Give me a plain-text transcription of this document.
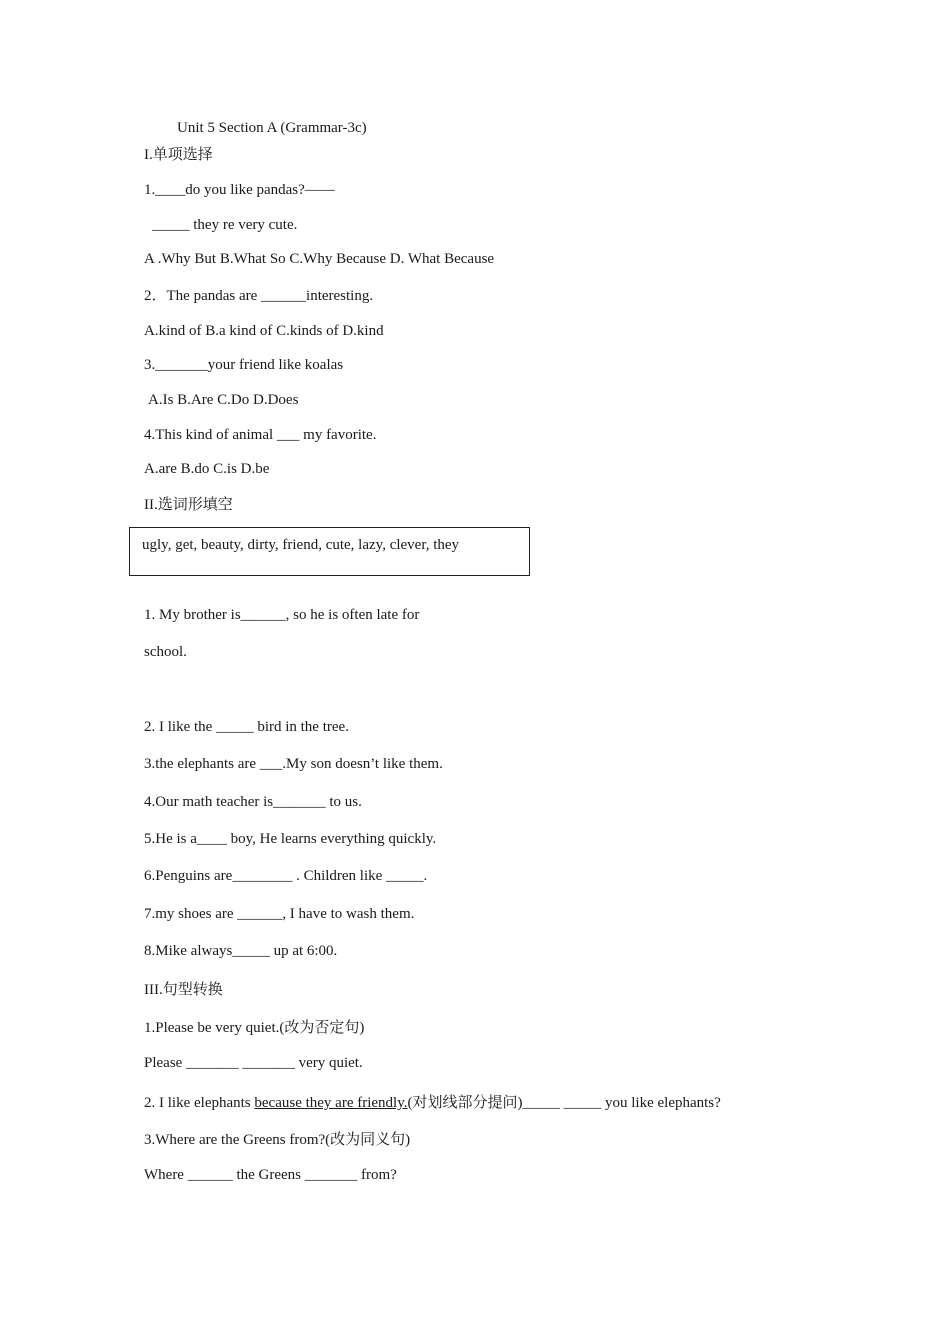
Unit 5 Section A (Grammar-3c)
I.单项选择
1.____do you like pandas?——
_____ they re very cute.
A .Why But B.What So C.Why Because D. What Because
2．The pandas are ______interesting.
A.kind of B.a kind of C.kinds of D.kind
3._______your friend like koalas
A.Is B.Are C.Do D.Does
4.This kind of animal ___ my favorite.
A.are B.do C.is D.be
II.选词形填空
ugly, get, beauty, dirty, friend, cute, lazy, clever, they
1. My brother is______, so he is often late for
school.
2. I like the _____ bird in the tree.
3.the elephants are ___.My son doesn’t like them.
4.Our math teacher is_______ to us.
5.He is a____ boy, He learns everything quickly.
6.Penguins are________ . Children like _____.
7.my shoes are ______, I have to wash them.
8.Mike always_____ up at 6:00.
III.句型转换
1.Please be very quiet.(改为否定句)
Please _______ _______ very quiet.
2. I like elephants because they are friendly.(对划线部分提问)_____ _____ you like elephants?
3.Where are the Greens from?(改为同义句)
Where ______ the Greens _______ from?
